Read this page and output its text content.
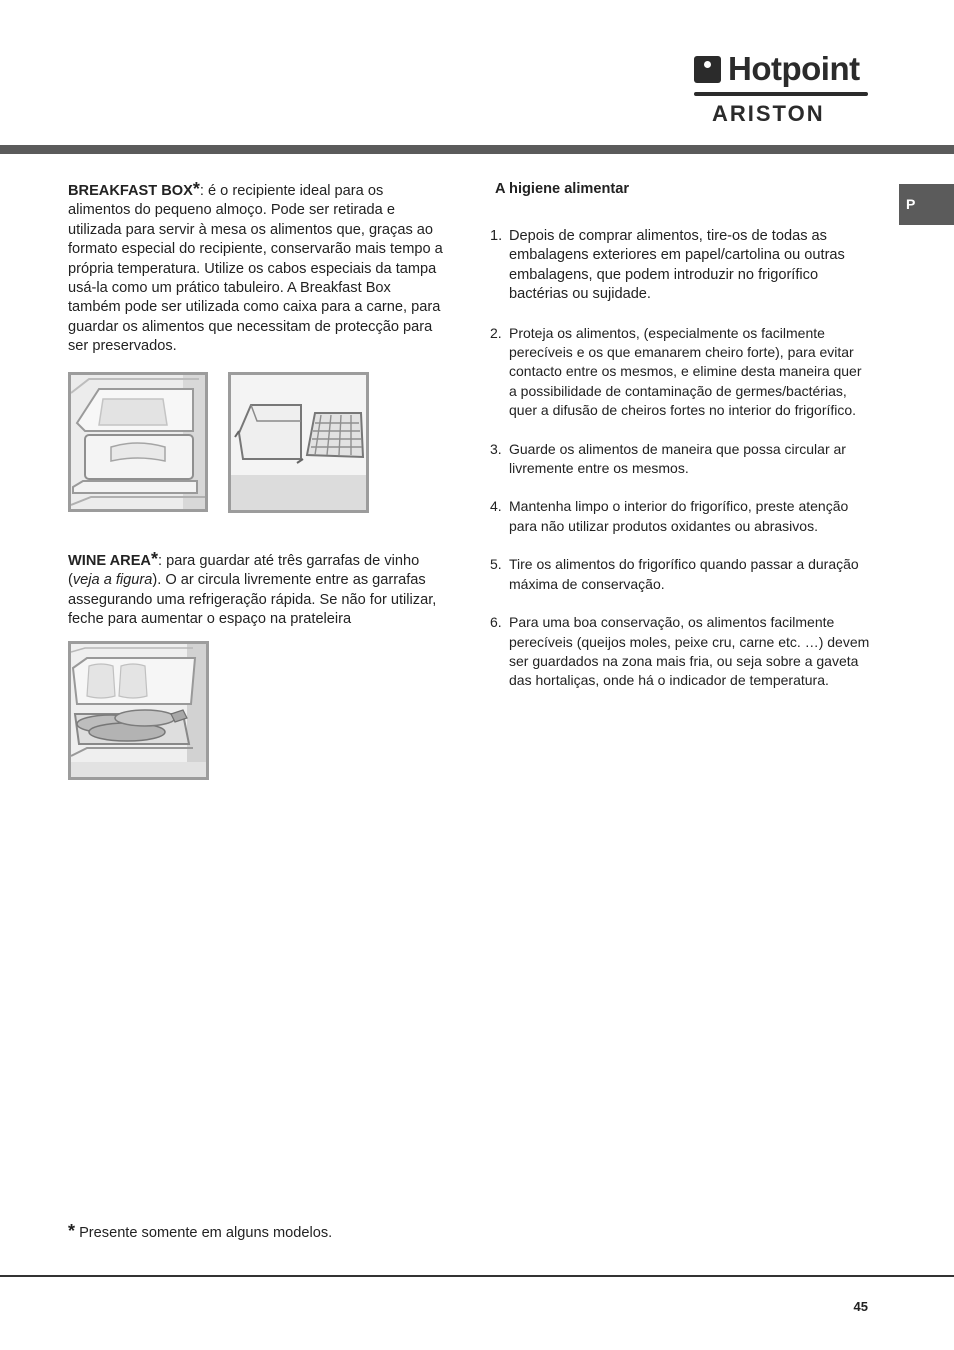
Hotpoint
ARISTON
P
BREAKFAST BOX*: é o recipiente ideal para os alimentos do pequeno almoço. Pode ser retirada e utilizada para servir à mesa os alimentos que, graças ao formato especial do recipiente, conservarão mais tempo a própria temperatura. Utilize os cabos especiais da tampa usá-la como um prático tabuleiro. A Breakfast Box também pode ser utilizada como caixa para a carne, para guardar os alimentos que necessitam de protecção para ser preservados.
WINE AREA*: para guardar até três garrafas de vinho (veja a figura). O ar circula livremente entre as garrafas assegurando uma refrigeração rápida. Se não for utilizar, feche para aumentar o espaço na prateleira
A higiene alimentar
1. Depois de comprar alimentos, tire-os de todas as embalagens exteriores em papel/cartolina ou outras embalagens, que podem introduzir no frigorífico bactérias ou sujidade.
2. Proteja os alimentos, (especialmente os facilmente perecíveis e os que emanarem cheiro forte), para evitar contacto entre os mesmos, e elimine desta maneira quer a possibilidade de contaminação de germes/bactérias, quer a difusão de cheiros fortes no interior do frigorífico.
3. Guarde os alimentos de maneira que possa circular ar livremente entre os mesmos.
4. Mantenha limpo o interior do frigorífico, preste atenção para não utilizar produtos oxidantes ou abrasivos.
5. Tire os alimentos do frigorífico quando passar a duração máxima de conservação.
6. Para uma boa conservação, os alimentos facilmente perecíveis (queijos moles, peixe cru, carne etc. …) devem ser guardados na zona mais fria, ou seja sobre a gaveta das hortaliças, onde há o indicador de temperatura.
* Presente somente em alguns modelos.
45
